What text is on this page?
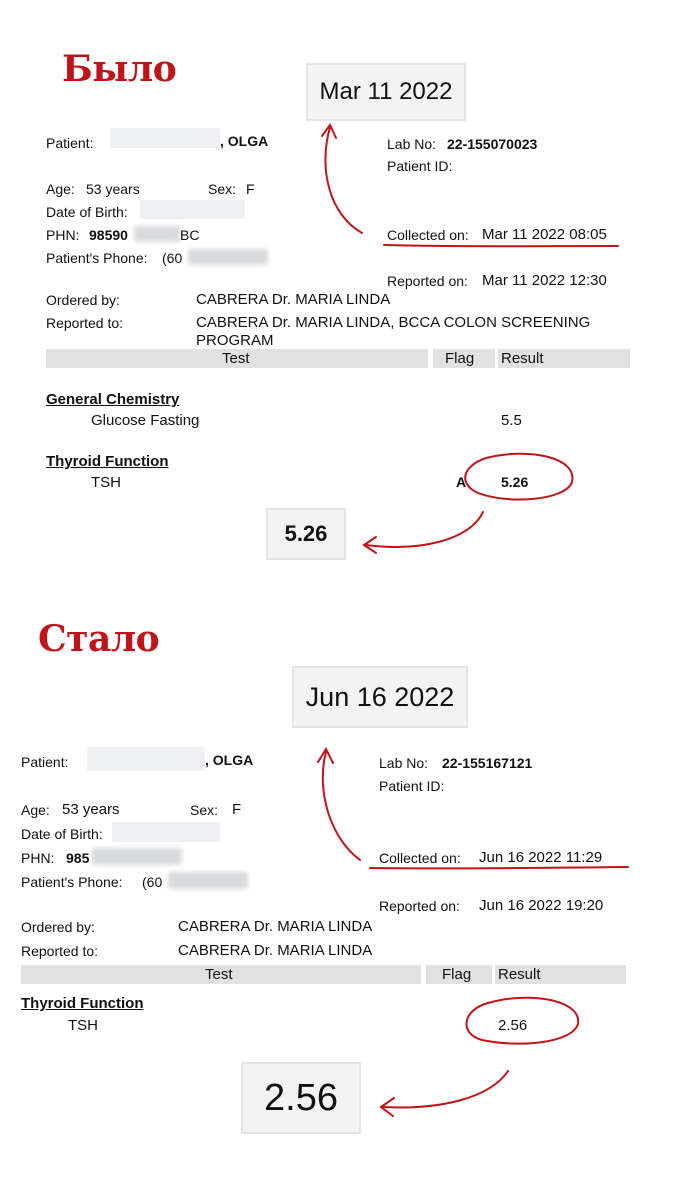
Было
Mar 11 2022
Patient:	, OLGA	Lab No: 22-155070023
Patient ID:
Age: 53 years	Sex: F
Date of Birth:
PHN: 98590	BC
Patient's Phone: (60
Collected on: Mar 11 2022 08:05
Reported on: Mar 11 2022 12:30
Ordered by:	CABRERA Dr. MARIA LINDA
Reported to:	CABRERA Dr. MARIA LINDA, BCCA COLON SCREENING
PROGRAM
Test	Flag Result
General Chemistry
Glucose Fasting	5.5
Thyroid Function
TSH	A 5.26
5.26
Стало
Jun 16 2022
Patient:	, OLGA	Lab No: 22-155167121
Patient ID:
Age: 53 years	Sex: F
Date of Birth:
PHN: 985
Patient's Phone: (60
Collected on: Jun 16 2022 11:29
Reported on: Jun 16 2022 19:20
Ordered by:	CABRERA Dr. MARIA LINDA
Reported to:	CABRERA Dr. MARIA LINDA
Test	Flag Result
Thyroid Function
TSH	2.56
2.56
